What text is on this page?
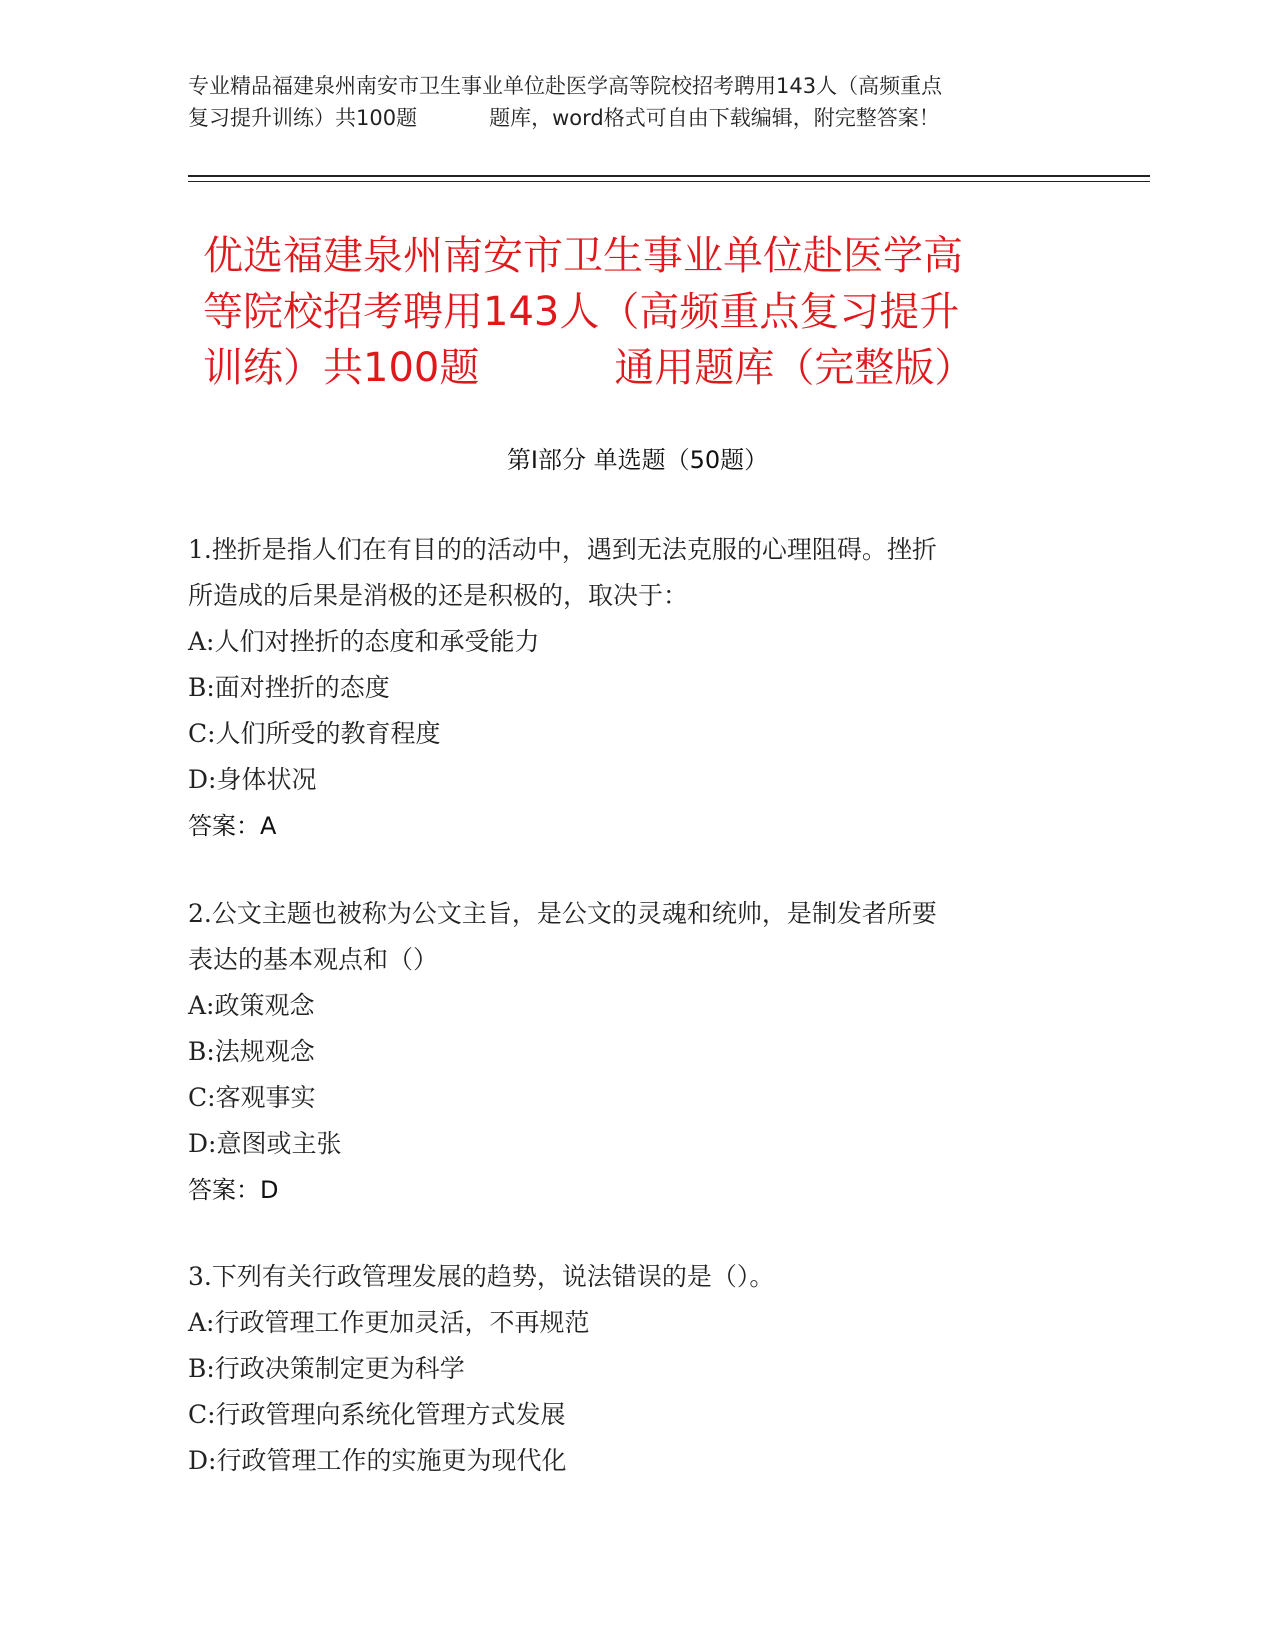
专业精品福建泉州南安市卫生事业单位赴医学高等院校招考聘用143人（高频重点
复习提升训练）共100题	题库，word格式可自由下载编辑，附完整答案！
优选福建泉州南安市卫生事业单位赴医学高
等院校招考聘用143人（高频重点复习提升
训练）共100题	通用题库（完整版）
第Ⅰ部分 单选题（50题）
1.挫折是指人们在有目的的活动中，遇到无法克服的心理阻碍。挫折
所造成的后果是消极的还是积极的，取决于：
A:人们对挫折的态度和承受能力
B:面对挫折的态度
C:人们所受的教育程度
D:身体状况
答案：A
2.公文主题也被称为公文主旨，是公文的灵魂和统帅，是制发者所要
表达的基本观点和（）
A:政策观念
B:法规观念
C:客观事实
D:意图或主张
答案：D
3.下列有关行政管理发展的趋势，说法错误的是（）。
A:行政管理工作更加灵活，不再规范
B:行政决策制定更为科学
C:行政管理向系统化管理方式发展
D:行政管理工作的实施更为现代化
